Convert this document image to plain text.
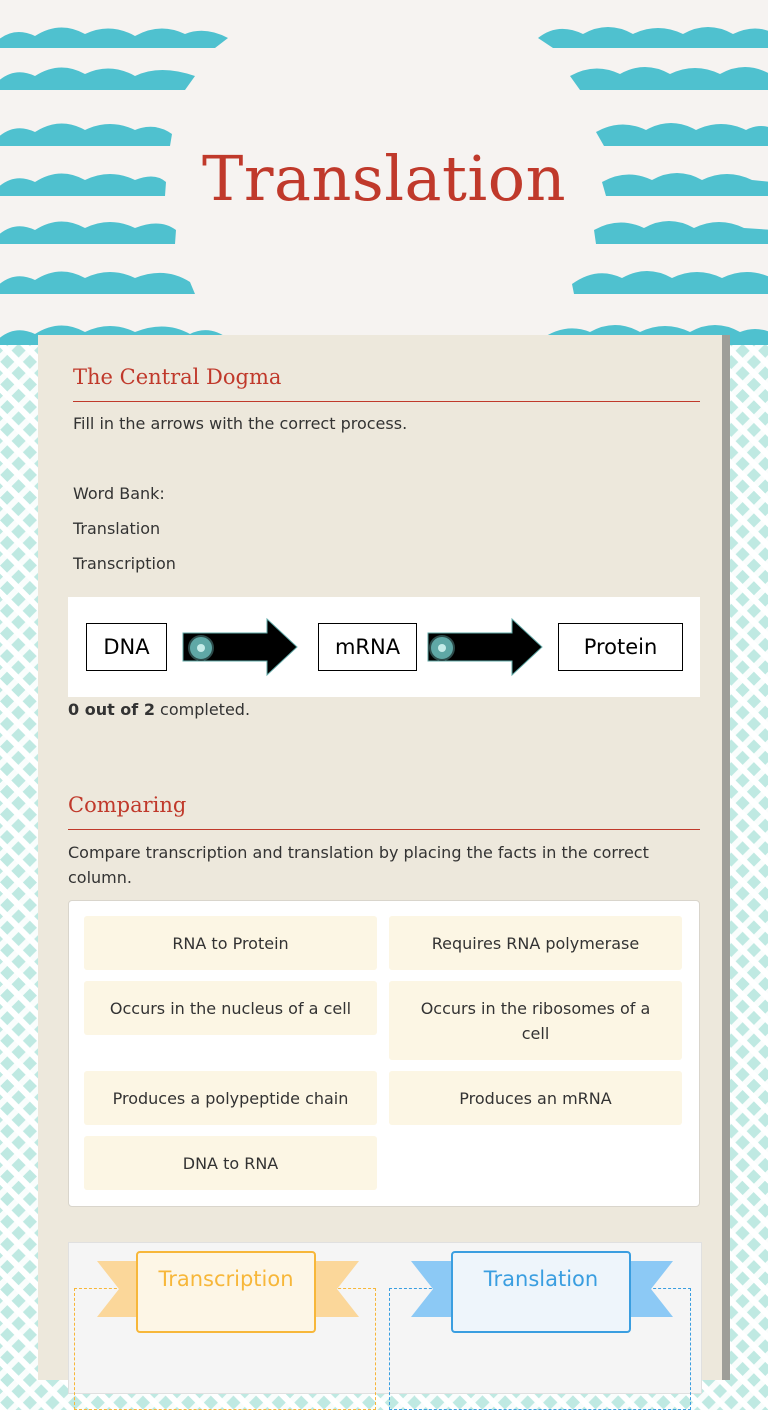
Translation
The Central Dogma
Fill in the arrows with the correct process.
Word Bank:
Translation
Transcription
DNA	mRNA	Protein
0 out of 2 completed.
Comparing
Compare transcription and translation by placing the facts in the correct column.
RNA to Protein	Requires RNA polymerase
Occurs in the nucleus of a cell	Occurs in the ribosomes of a cell
Produces a polypeptide chain	Produces an mRNA
DNA to RNA
Transcription	Translation
